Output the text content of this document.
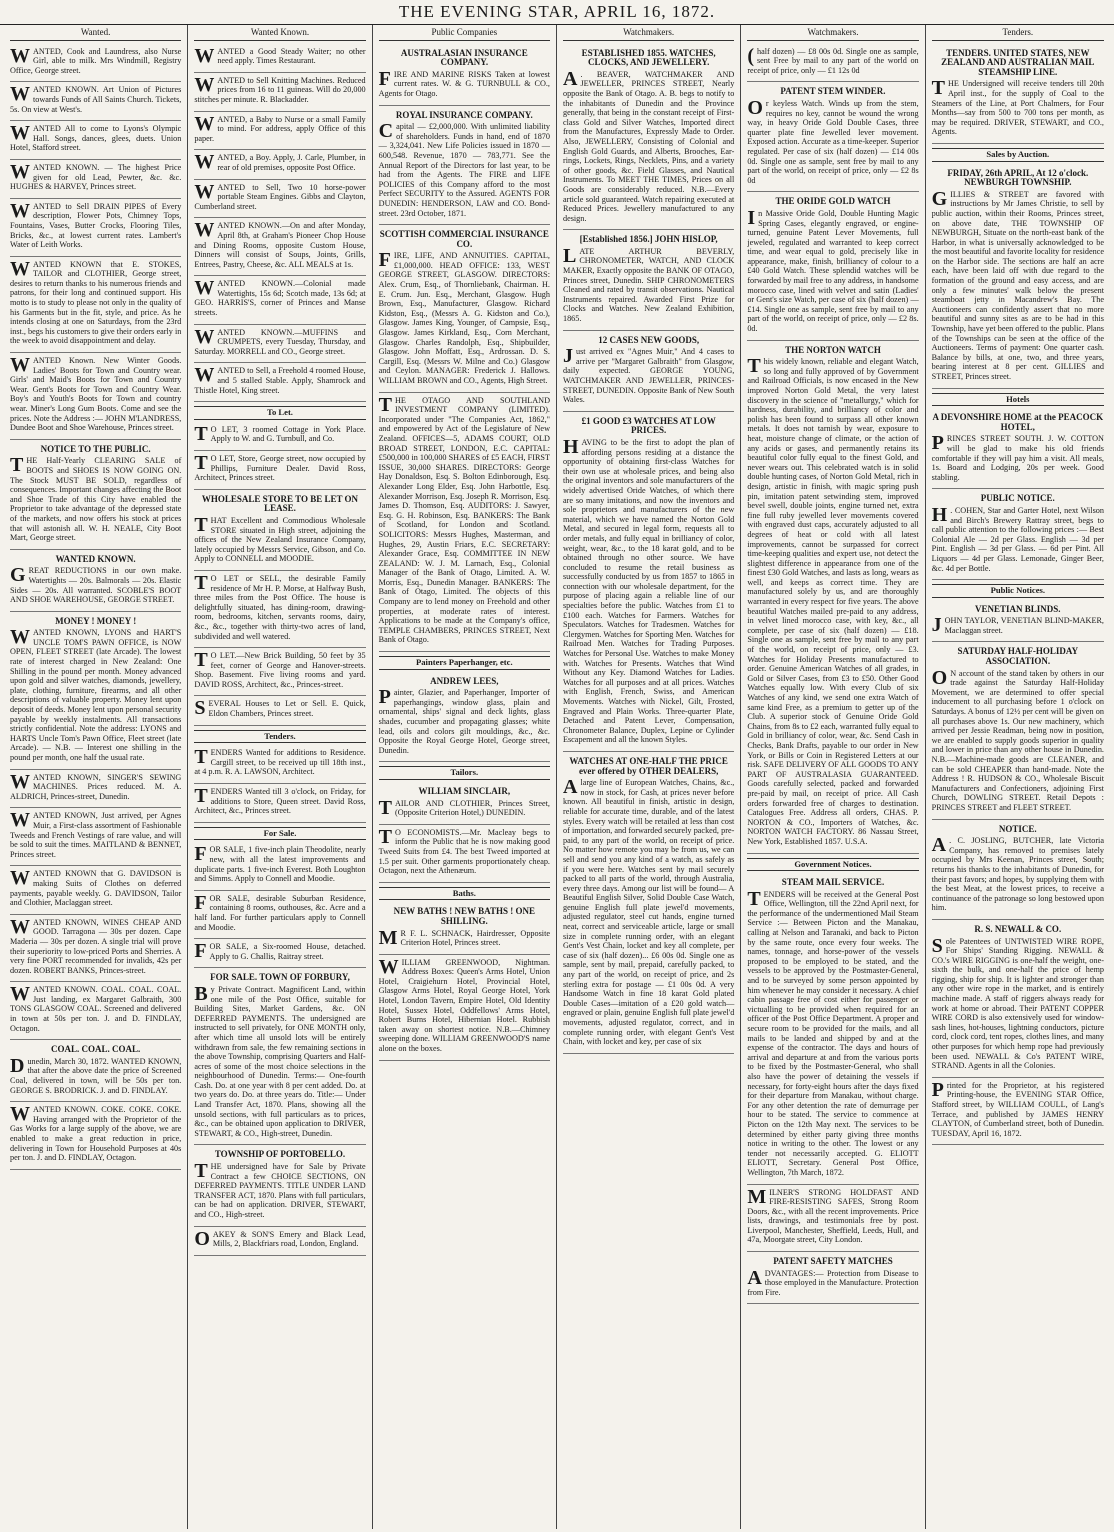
THE EVENING STAR, APRIL 16, 1872.
Wanted.

WANTED, Cook and Laundress, also Nurse Girl, able to milk. Mrs Windmill, Registry Office, George street.

WANTED KNOWN. Art Union of Pictures towards Funds of All Saints Church. Tickets, 5s. On view at West's.

WANTED All to come to Lyons's Olympic Hall. Songs, dances, glees, duets. Union Hotel, Stafford street.

WANTED KNOWN. — The highest Price given for old Lead, Pewter, &c. &c. HUGHES & HARVEY, Princes street.

WANTED to Sell DRAIN PIPES of Every description, Flower Pots, Chimney Tops, Fountains, Vases, Butter Crocks, Flooring Tiles, Bricks, &c., at lowest current rates. Lambert's Water of Leith Works.

WANTED KNOWN that E. STOKES, TAILOR and CLOTHIER, George street, desires to return thanks to his numerous friends and patrons, for their long and continued support. His motto is to study to please not only in the quality of his Garments but in the fit, style, and price. As he intends closing at one on Saturdays, from the 23rd inst., begs his customers to give their orders early in the week to avoid disappointment and delay.

WANTED Known. New Winter Goods. Ladies' Boots for Town and Country wear. Girls' and Maid's Boots for Town and Country Wear. Gent's Boots for Town and Country Wear. Boy's and Youth's Boots for Town and country wear. Miner's Long Gum Boots. Come and see the prices. Note the Address :— JOHN M'LANDRESS, Dundee Boot and Shoe Warehouse, Princes street.

NOTICE TO THE PUBLIC.

THE Half-Yearly CLEARING SALE of BOOTS and SHOES IS NOW GOING ON. The Stock MUST BE SOLD, regardless of consequences. Important changes affecting the Boot and Shoe Trade of this City have enabled the Proprietor to take advantage of the depressed state of the markets, and now offers his stock at prices that will astonish all. W. H. NEALE, City Boot Mart, George street.

WANTED KNOWN.

GREAT REDUCTIONS in our own make. Watertights — 20s. Balmorals — 20s. Elastic Sides — 20s. All warranted. SCOBLE'S BOOT AND SHOE WAREHOUSE, GEORGE STREET.

MONEY ! MONEY !

WANTED KNOWN, LYONS and HART'S UNCLE TOM'S PAWN OFFICE, is NOW OPEN, FLEET STREET (late Arcade). The lowest rate of interest charged in New Zealand: One Shilling in the pound per month. Money advanced upon gold and silver watches, diamonds, jewellery, plate, clothing, furniture, firearms, and all other descriptions of valuable property. Money lent upon deposit of deeds. Money lent upon personal security payable by weekly instalments. All transactions strictly confidential. Note the address: LYONS and HARTS Uncle Tom's Pawn Office, Fleet street (late Arcade). — N.B. — Interest one shilling in the pound per month, one half the usual rate.

WANTED KNOWN, SINGER'S SEWING MACHINES. Prices reduced. M. A. ALDRICH, Princes-street, Dunedin.

WANTED KNOWN, Just arrived, per Agnes Muir, a First-class assortment of Fashionable Tweeds and French Vestings of rare value, and will be sold to suit the times. MAITLAND & BENNET, Princes street.

WANTED KNOWN that G. DAVIDSON is making Suits of Clothes on deferred payments, payable weekly. G. DAVIDSON, Tailor and Clothier, Maclaggan street.

WANTED KNOWN, WINES CHEAP AND GOOD. Tarragona — 30s per dozen. Cape Maderia — 30s per dozen. A single trial will prove their superiority to low-priced Ports and Sherries. A very fine PORT recommended for invalids, 42s per dozen. ROBERT BANKS, Princes-street.

WANTED KNOWN. COAL. COAL. COAL. Just landing, ex Margaret Galbraith, 300 TONS GLASGOW COAL. Screened and delivered in town at 50s per ton. J. and D. FINDLAY, Octagon.

COAL. COAL. COAL.

Dunedin, March 30, 1872. WANTED KNOWN, that after the above date the price of Screened Coal, delivered in town, will be 50s per ton. GEORGE S. BRODRICK. J. and D. FINDLAY.

WANTED KNOWN. COKE. COKE. COKE. Having arranged with the Proprietor of the Gas Works for a large supply of the above, we are enabled to make a great reduction in price, delivering in Town for Household Purposes at 40s per ton. J. and D. FINDLAY, Octagon.

Wanted Known.

WANTED a Good Steady Waiter; no other need apply. Times Restaurant.

WANTED to Sell Knitting Machines. Reduced prices from 16 to 11 guineas. Will do 20,000 stitches per minute. R. Blackadder.

WANTED, a Baby to Nurse or a small Family to mind. For address, apply Office of this paper.

WANTED, a Boy. Apply, J. Carle, Plumber, in rear of old premises, opposite Post Office.

WANTED to Sell, Two 10 horse-power portable Steam Engines. Gibbs and Clayton, Cumberland street.

WANTED KNOWN.—On and after Monday, April 8th, at Graham's Pioneer Chop House and Dining Rooms, opposite Custom House, Dinners will consist of Soups, Joints, Grills, Entrees, Pastry, Cheese, &c. ALL MEALS at 1s.

WANTED KNOWN.—Colonial made Watertights, 15s 6d; Scotch made, 13s 6d; at GEO. HARRIS'S, corner of Princes and Manse streets.

WANTED KNOWN.—MUFFINS and CRUMPETS, every Tuesday, Thursday, and Saturday. MORRELL and CO., George street.

WANTED to Sell, a Freehold 4 roomed House, and 5 stalled Stable. Apply, Shamrock and Thistle Hotel, King street.

To Let.

T O LET, 3 roomed Cottage in York Place. Apply to W. and G. Turnbull, and Co.

T O LET, Store, George street, now occupied by Phillips, Furniture Dealer. David Ross, Architect, Princes street.

WHOLESALE STORE TO BE LET ON LEASE.

THAT Excellent and Commodious Wholesale STORE situated in High street, adjoining the offices of the New Zealand Insurance Company, lately occupied by Messrs Service, Gibson, and Co. Apply to CONNELL and MOODIE.

T O LET or SELL, the desirable Family residence of Mr H. P. Morse, at Halfway Bush, three miles from the Post Office. The house is delightfully situated, has dining-room, drawing-room, bedrooms, kitchen, servants rooms, dairy, &c., &c., together with thirty-two acres of land, subdivided and well watered.

T O LET.—New Brick Building, 50 feet by 35 feet, corner of George and Hanover-streets. Shop. Basement. Five living rooms and yard. DAVID ROSS, Architect, &c., Princes-street.

SEVERAL Houses to Let or Sell. E. Quick, Eldon Chambers, Princes street.

Tenders.

TENDERS Wanted for additions to Residence. Cargill street, to be received up till 18th inst., at 4 p.m. R. A. LAWSON, Architect.

TENDERS Wanted till 3 o'clock, on Friday, for additions to Store, Queen street. David Ross, Architect, &c., Princes street.

For Sale.

FOR SALE, 1 five-inch plain Theodolite, nearly new, with all the latest improvements and duplicate parts. 1 five-inch Everest. Both Loughton and Simms. Apply to Connell and Moodie.

FOR SALE, desirable Suburban Residence, containing 8 rooms, outhouses, &c. Acre and a half land. For further particulars apply to Connell and Moodie.

FOR SALE, a Six-roomed House, detached. Apply to G. Challis, Raitray street.

FOR SALE. TOWN OF FORBURY,

By Private Contract. Magnificent Land, within one mile of the Post Office, suitable for Building Sites, Market Gardens, &c. ON DEFERRED PAYMENTS. The undersigned are instructed to sell privately, for ONE MONTH only, after which time all unsold lots will be entirely withdrawn from sale, the few remaining sections in the above Township, comprising Quarters and Half-acres of some of the most choice selections in the neighbourhood of Dunedin. Terms:— One-fourth Cash. Do. at one year with 8 per cent added. Do. at two years do. Do. at three years do. Title:— Under Land Transfer Act, 1870. Plans, showing all the unsold sections, with full particulars as to prices, &c., can be obtained upon application to DRIVER, STEWART, & CO., High-street, Dunedin.

TOWNSHIP OF PORTOBELLO.

THE undersigned have for Sale by Private Contract a few CHOICE SECTIONS, ON DEFERRED PAYMENTS. TITLE UNDER LAND TRANSFER ACT, 1870. Plans with full particulars, can be had on application. DRIVER, STEWART, and CO., High-street.

OAKEY & SON'S Emery and Black Lead, Mills, 2, Blackfriars road, London, England.

Public Companies
AUSTRALASIAN INSURANCE COMPANY.

FIRE AND MARINE RISKS Taken at lowest current rates. W. & G. TURNBULL & CO., Agents for Otago.

ROYAL INSURANCE COMPANY.

Capital — £2,000,000. With unlimited liability of shareholders. Funds in hand, end of 1870 — 3,324,041. New Life Policies issued in 1870 — 600,548. Revenue, 1870 — 783,771. See the Annual Report of the Directors for last year, to be had from the Agents. The FIRE and LIFE POLICIES of this Company afford to the most Perfect SECURITY to the Assured. AGENTS FOR DUNEDIN: HENDERSON, LAW and CO. Bond-street. 23rd October, 1871.

SCOTTISH COMMERCIAL INSURANCE CO.

FIRE, LIFE, AND ANNUITIES. CAPITAL, £1,000,000. HEAD OFFICE: 133, WEST GEORGE STREET, GLASGOW. DIRECTORS: Alex. Crum, Esq., of Thornliebank, Chairman. H. E. Crum. Jun. Esq., Merchant, Glasgow. Hugh Brown, Esq., Manufacturer, Glasgow. Richard Kidston, Esq., (Messrs A. G. Kidston and Co.), Glasgow. James King, Younger, of Campsie, Esq., Glasgow. James Kirkland, Esq., Corn Merchant, Glasgow. Charles Randolph, Esq., Shipbuilder, Glasgow. John Moffatt, Esq., Ardrossan. D. S. Cargill, Esq. (Messrs W. Milne and Co.) Glasgow and Ceylon. MANAGER: Frederick J. Hallows. WILLIAM BROWN and CO., Agents, High Street.

THE OTAGO AND SOUTHLAND INVESTMENT COMPANY (LIMITED). Incorporated under "The Companies Act, 1862," and empowered by Act of the Legislature of New Zealand. OFFICES—5, ADAMS COURT, OLD BROAD STREET, LONDON, E.C. CAPITAL: £500,000 in 100,000 SHARES of £5 EACH, FIRST ISSUE, 30,000 SHARES. DIRECTORS: George Hay Donaldson, Esq. S. Bolton Edinborough, Esq. Alexander Long Elder, Esq. John Harbottle, Esq. Alexander Morrison, Esq. Joseph R. Morrison, Esq. James D. Thomson, Esq. AUDITORS: J. Sawyer, Esq. G. H. Robinson, Esq. BANKERS: The Bank of Scotland, for London and Scotland. SOLICITORS: Messrs Hughes, Masterman, and Hughes, 29, Austin Friars, E.C. SECRETARY: Alexander Grace, Esq. COMMITTEE IN NEW ZEALAND: W. J. M. Larnach, Esq., Colonial Manager of the Bank of Otago, Limited. A. W. Morris, Esq., Dunedin Manager. BANKERS: The Bank of Otago, Limited. The objects of this Company are to lend money on Freehold and other properties, at moderate rates of interest. Applications to be made at the Company's office, TEMPLE CHAMBERS, PRINCES STREET, Next Bank of Otago.

Painters Paperhanger, etc.
ANDREW LEES,

Painter, Glazier, and Paperhanger, Importer of paperhangings, window glass, plain and ornamental, ships' signal and deck lights, glass shades, cucumber and propagating glasses; white lead, oils and colors gilt mouldings, &c., &c. Opposite the Royal George Hotel, George street, Dunedin.

Tailors.
WILLIAM SINCLAIR,

TAILOR AND CLOTHIER, Princes Street, (Opposite Criterion Hotel,) DUNEDIN.

T O ECONOMISTS.—Mr. Macleay begs to inform the Public that he is now making good Tweed Suits from £4. The best Tweed imported at 1.5 per suit. Other garments proportionately cheap. Octagon, next the Athenæum.

Baths.
NEW BATHS ! NEW BATHS ! ONE SHILLING.

M R F. L. SCHNACK, Hairdresser, Opposite Criterion Hotel, Princes street.

WILLIAM GREENWOOD, Nightman. Address Boxes: Queen's Arms Hotel, Union Hotel, Craigiehurn Hotel, Provincial Hotel, Glasgow Arms Hotel, Royal George Hotel, York Hotel, London Tavern, Empire Hotel, Old Identity Hotel, Sussex Hotel, Oddfellows' Arms Hotel, Robert Burns Hotel, Hibernian Hotel. Rubbish taken away on shortest notice. N.B.—Chimney sweeping done. WILLIAM GREENWOOD'S name alone on the boxes.

Watchmakers.
ESTABLISHED 1855. WATCHES, CLOCKS, AND JEWELLERY.

A . BEAVER, WATCHMAKER AND JEWELLER, PRINCES STREET, Nearly opposite the Bank of Otago. A. B. begs to notify to the inhabitants of Dunedin and the Province generally, that being in the constant receipt of First-class Gold and Silver Watches, Imported direct from the Manufactures, Expressly Made to Order. Also, JEWELLERY, Consisting of Colonial and English Gold Guards, and Alberts, Brooches, Ear-rings, Lockets, Rings, Necklets, Pins, and a variety of other goods, &c. Field Glasses, and Nautical Instruments. To MEET THE TIMES, Prices on all Goods are considerably reduced. N.B.—Every article sold guaranteed. Watch repairing executed at Reduced Prices. Jewellery manufactured to any design.

[Established 1856.] JOHN HISLOP,

LATE ARTHUR BEVERLY, CHRONOMETER, WATCH, AND CLOCK MAKER, Exactly opposite the BANK OF OTAGO, Princes street, Dunedin. SHIP CHRONOMETERS Cleaned and rated by transit observations. Nautical Instruments repaired. Awarded First Prize for Clocks and Watches. New Zealand Exhibition, 1865.

12 CASES NEW GOODS,

Just arrived ex "Agnes Muir," And 4 cases to arrive per "Margaret Galbraith" from Glasgow, daily expected. GEORGE YOUNG, WATCHMAKER AND JEWELLER, PRINCES-STREET, DUNEDIN. Opposite Bank of New South Wales.

£1 GOOD £3 WATCHES AT LOW PRICES.

HAVING to be the first to adopt the plan of affording persons residing at a distance the opportunity of obtaining first-class Watches for their own use at wholesale prices, and being also the original inventors and sole manufacturers of the widely advertised Oride Watches, of which there are so many imitations, and now the inventors and sole proprietors and manufacturers of the new material, which we have named the Norton Gold Metal, and secured in legal form, requests all to order metals, and fully equal in brilliancy of color, weight, wear, &c., to the 18 karat gold, and to be obtained through no other source. We have concluded to resume the retail business as successfully conducted by us from 1857 to 1865 in connection with our wholesale department, for the purpose of placing again a reliable line of our specialties before the public. Watches from £1 to £100 each. Watches for Farmers. Watches for Speculators. Watches for Tradesmen. Watches for Clergymen. Watches for Sporting Men. Watches for Railroad Men. Watches for Trading Purposes. Watches for Personal Use. Watches to make Money with. Watches for Presents. Watches that Wind Without any Key. Diamond Watches for Ladies. Watches for all purposes and at all prices. Watches with English, French, Swiss, and American Movements. Watches with Nickel, Gilt, Frosted, Engraved and Plain Works. Three-quarter Plate, Detached and Patent Lever, Compensation, Chronometer Balance, Duplex, Lepine or Cylinder Escapement and all the known Styles.

WATCHES AT ONE-HALF THE PRICE ever offered by OTHER DEALERS,

A large line of European Watches, Chains, &c., now in stock, for Cash, at prices never before known. All beautiful in finish, artistic in design, reliable for accurate time, durable, and of the latest styles. Every watch will be retailed at less than cost of importation, and forwarded securely packed, pre-paid, to any part of the world, on receipt of price. No matter how remote you may be from us, we can sell and send you any kind of a watch, as safely as if you were here. Watches sent by mail securely packed to all parts of the world, through Australia, every three days. Among our list will be found— A Beautiful English Silver, Solid Double Case Watch, genuine English full plate jewel'd movements, adjusted regulator, steel cut hands, engine turned neat, correct and serviceable article, large or small size in complete running order, with an elegant Gent's Vest Chain, locket and key all complete, per case of six (half dozen)... £6 00s 0d. Single one as sample, sent by mail, prepaid, carefully packed, to any part of the world, on receipt of price, and 2s sterling extra for postage — £1 00s 0d. A very Handsome Watch in fine 18 karat Gold plated Double Cases—imitation of a £20 gold watch—engraved or plain, genuine English full plate jewel'd movements, adjusted regulator, correct, and in complete running order, with elegant Gent's Vest Chain, with locket and key, per case of six

Watchmakers.

( half dozen) — £8 00s 0d. Single one as sample, sent Free by mail to any part of the world on receipt of price, only — £1 12s 0d

PATENT STEM WINDER.

Or keyless Watch. Winds up from the stem, requires no key, cannot be wound the wrong way, in heavy Oride Gold Double Cases, three quarter plate fine Jewelled lever movement. Exposed action. Accurate as a time-keeper. Superior regulated. Per case of six (half dozen) — £14 00s 0d. Single one as sample, sent free by mail to any part of the world, on receipt of price, only — £2 8s 0d

THE ORIDE GOLD WATCH

In Massive Oride Gold, Double Hunting Magic Spring Cases, elegantly engraved, or engine-turned, genuine Patent Lever Movements, full jeweled, regulated and warranted to keep correct time, and wear equal to gold, precisely like in appearance, make, finish, brilliancy of colour to a £40 Gold Watch. These splendid watches will be forwarded by mail free to any address, in handsome morocco case, lined with velvet and satin (Ladies' or Gent's size Watch, per case of six (half dozen) — £14. Single one as sample, sent free by mail to any part of the world, on receipt of price, only — £2 8s. 0d.

THE NORTON WATCH

This widely known, reliable and elegant Watch, so long and fully approved of by Government and Railroad Officials, is now encased in the New improved Norton Gold Metal, the very latest discovery in the science of "metallurgy," which for hardness, durability, and brilliancy of color and polish has been found to surpass all other known metals. It does not tarnish by wear, exposure to heat, moisture change of climate, or the action of any acids or gases, and permanently retains its beautiful color fully equal to the finest Gold, and never wears out. This celebrated watch is in solid double hunting cases, of Norton Gold Metal, rich in design, artistic in finish, with magic spring push pin, imitation patent setwinding stem, improved bevel swell, double joints, engine turned net, extra fine full ruby jewelled lever movements covered with engraved dust caps, accurately adjusted to all degrees of heat or cold with all latest improvements, cannot be surpassed for correct time-keeping qualities and expert use, not detect the slightest difference in appearance from one of the finest £30 Gold Watches, and lasts as long, wears as well, and keeps as correct time. They are manufactured solely by us, and are thoroughly warranted in every respect for five years. The above beautiful Watches mailed pre-paid to any address, in velvet lined morocco case, with key, &c., all complete, per case of six (half dozen) — £18. Single one as sample, sent free by mail to any part of the world, on receipt of price, only — £3. Watches for Holiday Presents manufactured to order. Genuine American Watches of all grades, in Gold or Silver Cases, from £3 to £50. Other Good Watches equally low. With every Club of six Watches of any kind, we send one extra Watch of same kind Free, as a premium to getter up of the Club. A superior stock of Genuine Oride Gold Chains, from 8s to £2 each, warranted fully equal to Gold in brilliancy of color, wear, &c. Send Cash in Checks, Bank Drafts, payable to our order in New York, or Bills or Coin in Registered Letters at our risk. SAFE DELIVERY OF ALL GOODS TO ANY PART OF AUSTRALASIA GUARANTEED. Goods carefully selected, packed and forwarded pre-paid by mail, on receipt of price. All Cash orders forwarded free of charges to destination. Catalogues Free. Address all orders, CHAS. P. NORTON & CO., Importers of Watches, &c. NORTON WATCH FACTORY. 86 Nassau Street, New York, Established 1857. U.S.A.

Government Notices.
STEAM MAIL SERVICE.

TENDERS will be received at the General Post Office, Wellington, till the 22nd April next, for the performance of the undermentioned Mail Steam Service :— Between Picton and the Manakau, calling at Nelson and Taranaki, and back to Picton by the same route, once every four weeks. The names, tonnage, and horse-power of the vessels proposed to be employed to be stated, and the vessels to be approved by the Postmaster-General, and to be surveyed by some person appointed by him whenever he may consider it necessary. A chief cabin passage free of cost either for passenger or victualling to be provided when required for an officer of the Post Office Department. A proper and secure room to be provided for the mails, and all mails to be landed and shipped by and at the expense of the contractor. The days and hours of arrival and departure at and from the various ports to be fixed by the Postmaster-General, who shall also have the power of detaining the vessels if necessary, for forty-eight hours after the days fixed for their departure from Manakau, without charge. For any other detention the rate of demurrage per hour to be stated. The service to commence at Picton on the 12th May next. The services to be determined by either party giving three months notice in writing to the other. The lowest or any tender not necessarily accepted. G. ELIOTT ELIOTT, Secretary. General Post Office, Wellington, 7th March, 1872.

MILNER'S STRONG HOLDFAST AND FIRE-RESISTING SAFES, Strong Room Doors, &c., with all the recent improvements. Price lists, drawings, and testimonials free by post. Liverpool, Manchester, Sheffield, Leeds, Hull, and 47a, Moorgate street, City London.

PATENT SAFETY MATCHES

ADVANTAGES:— Protection from Disease to those employed in the Manufacture. Protection from Fire.

Tenders.
TENDERS. UNITED STATES, NEW ZEALAND AND AUSTRALIAN MAIL STEAMSHIP LINE.

THE Undersigned will receive tenders till 20th April inst., for the supply of Coal to the Steamers of the Line, at Port Chalmers, for Four Months—say from 500 to 700 tons per month, as may be required. DRIVER, STEWART, and CO., Agents.

Sales by Auction.
FRIDAY, 26th APRIL, At 12 o'clock. NEWBURGH TOWNSHIP.

GILLIES & STREET are favored with instructions by Mr James Christie, to sell by public auction, within their Rooms, Princes street, on above date, THE TOWNSHIP OF NEWBURGH, Situate on the north-east bank of the Harbor, in what is universally acknowledged to be the most beautiful and favorite locality for residence on the Harbor side. The sections are half an acre each, have been laid off with due regard to the formation of the ground and easy access, and are only a few minutes' walk below the present steamboat jetty in Macandrew's Bay. The Auctioneers can confidently assert that no more beautiful and sunny sites as are to be had in this Township, have yet been offered to the public. Plans of the Townships can be seen at the office of the Auctioneers. Terms of payment: One quarter cash. Balance by bills, at one, two, and three years, bearing interest at 8 per cent. GILLIES and STREET, Princes street.

Hotels
A DEVONSHIRE HOME at the PEACOCK HOTEL,

PRINCES STREET SOUTH. J. W. COTTON will be glad to make his old friends comfortable if they will pay him a visit. All meals, 1s. Board and Lodging, 20s per week. Good stabling.

PUBLIC NOTICE.

H . COHEN, Star and Garter Hotel, next Wilson and Birch's Brewery Rattray street, begs to call public attention to the following prices :— Best Colonial Ale — 2d per Glass. English — 3d per Pint. English — 3d per Glass. — 6d per Pint. All Liquors — 4d per Glass. Lemonade, Ginger Beer, &c. 4d per Bottle.

Public Notices.
VENETIAN BLINDS.

JOHN TAYLOR, VENETIAN BLIND-MAKER, Maclaggan street.

SATURDAY HALF-HOLIDAY ASSOCIATION.

O N account of the stand taken by others in our trade against the Saturday Half-Holiday Movement, we are determined to offer special inducement to all purchasing before 1 o'clock on Saturdays. A bonus of 12½ per cent will be given on all purchases above 1s. Our new machinery, which arrived per Jessie Readman, being now in position, we are enabled to supply goods superior in quality and lower in price than any other house in Dunedin. N.B.—Machine-made goods are CLEANER, and can be sold CHEAPER than hand-made. Note the Address ! R. HUDSON & CO., Wholesale Biscuit Manufacturers and Confectioners, adjoining First Church, DOWLING STREET. Retail Depots : PRINCES STREET and FLEET STREET.

NOTICE.

A . C. JOSLING, BUTCHER, late Victoria Company, has removed to premises lately occupied by Mrs Keenan, Princes street, South; returns his thanks to the inhabitants of Dunedin, for their past favors; and hopes, by supplying them with the best Meat, at the lowest prices, to receive a continuance of the patronage so long bestowed upon him.

R. S. NEWALL & CO.

Sole Patentees of UNTWISTED WIRE ROPE, For Ships' Standing Rigging. NEWALL & CO.'s WIRE RIGGING is one-half the weight, one-sixth the bulk, and one-half the price of hemp rigging, ship for ship. It is lighter and stronger than any other wire rope in the market, and is entirely machine made. A staff of riggers always ready for work at home or abroad. Their PATENT COPPER WIRE CORD is also extensively used for window-sash lines, hot-houses, lightning conductors, picture cord, clock cord, tent ropes, clothes lines, and many other purposes for which hemp rope had previously been used. NEWALL & Co's PATENT WIRE, STRAND. Agents in all the Colonies.

Printed for the Proprietor, at his registered Printing-house, the EVENING STAR Office, Stafford street, by WILLIAM COULL, of Lang's Terrace, and published by JAMES HENRY CLAYTON, of Cumberland street, both of Dunedin. TUESDAY, April 16, 1872.
